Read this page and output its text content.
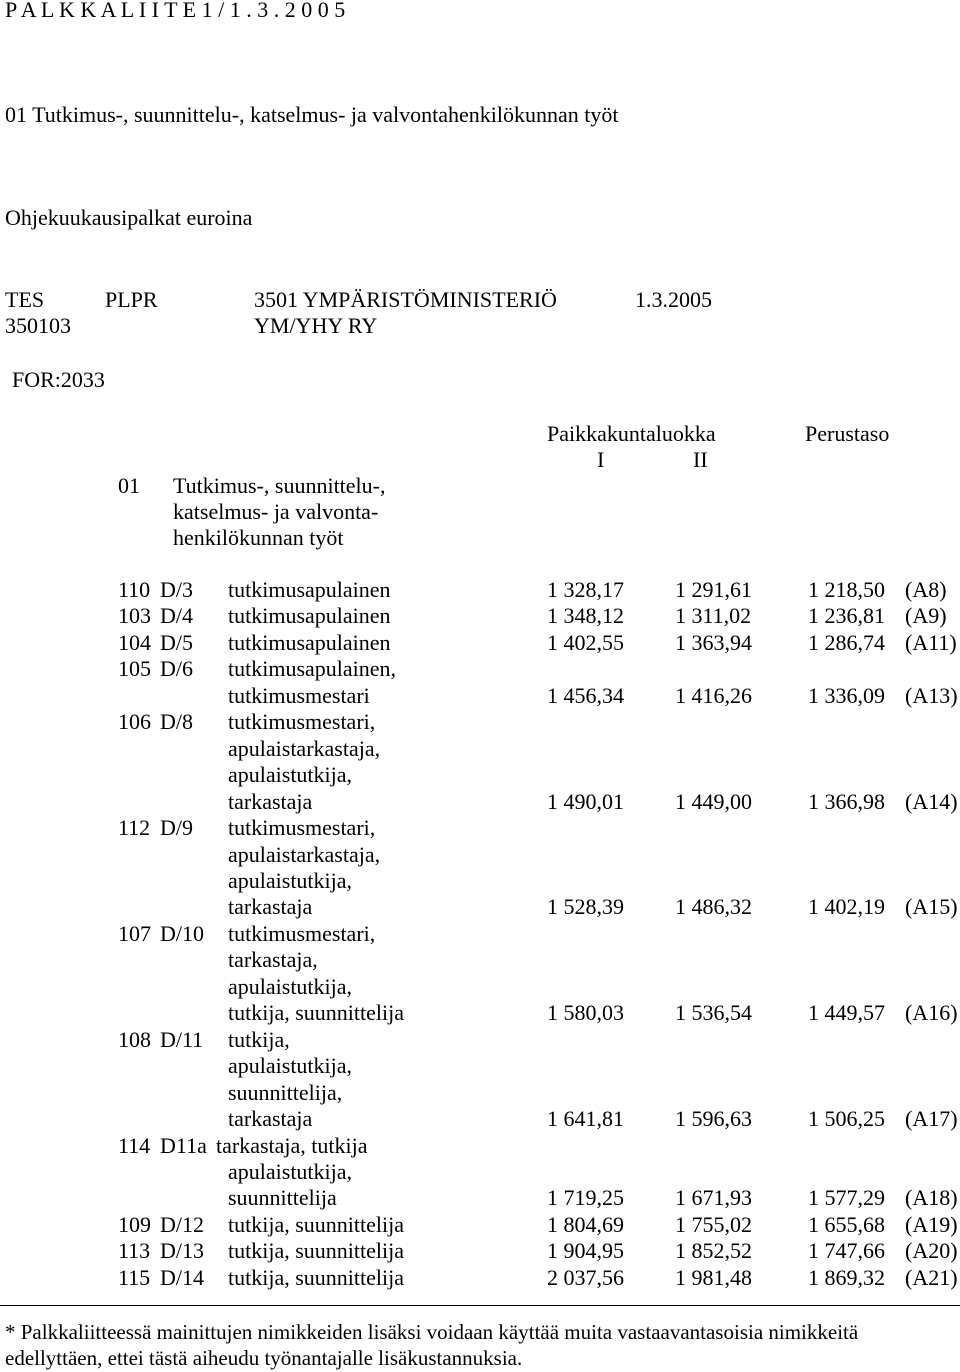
P A L K K A L I I T E 1 / 1 . 3 . 2 0 0 5
01 Tutkimus-, suunnittelu-, katselmus- ja valvontahenkilökunnan työt
Ohjekuukausipalkat euroina
TES	PLPR	3501 YMPÄRISTÖMINISTERIÖ	1.3.2005
350103	YM/YHY RY
FOR:2033
Paikkakuntaluokka	Perustaso
I	II
01 Tutkimus-, suunnittelu-,
katselmus- ja valvonta-
henkilökunnan työt
110 D/3	tutkimusapulainen	1 328,17	1 291,61	1 218,50 (A8)
103 D/4	tutkimusapulainen	1 348,12	1 311,02	1 236,81 (A9)
104 D/5	tutkimusapulainen	1 402,55	1 363,94	1 286,74 (A11)
105 D/6	tutkimusapulainen,
tutkimusmestari	1 456,34	1 416,26	1 336,09 (A13)
106 D/8	tutkimusmestari,
apulaistarkastaja,
apulaistutkija,
tarkastaja	1 490,01	1 449,00	1 366,98 (A14)
112 D/9	tutkimusmestari,
apulaistarkastaja,
apulaistutkija,
tarkastaja	1 528,39	1 486,32	1 402,19 (A15)
107 D/10	tutkimusmestari,
tarkastaja,
apulaistutkija,
tutkija, suunnittelija	1 580,03	1 536,54	1 449,57 (A16)
108 D/11	tutkija,
apulaistutkija,
suunnittelija,
tarkastaja	1 641,81	1 596,63	1 506,25 (A17)
114 D11a tarkastaja, tutkija
apulaistutkija,
suunnittelija	1 719,25	1 671,93	1 577,29 (A18)
109 D/12	tutkija, suunnittelija	1 804,69	1 755,02	1 655,68 (A19)
113 D/13	tutkija, suunnittelija	1 904,95	1 852,52	1 747,66 (A20)
115 D/14	tutkija, suunnittelija	2 037,56	1 981,48	1 869,32 (A21)
* Palkkaliitteessä mainittujen nimikkeiden lisäksi voidaan käyttää muita vastaavantasoisia nimikkeitä
edellyttäen, ettei tästä aiheudu työnantajalle lisäkustannuksia.
